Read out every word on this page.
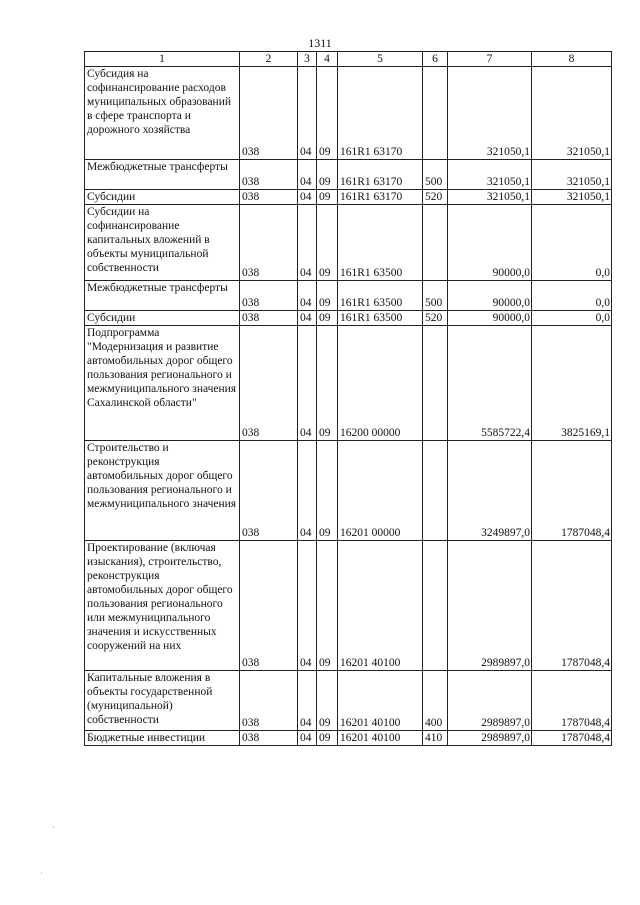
1311
1	2	3	4	5	6	7	8
Субсидия на софинансирование расходов муниципальных образований в сфере транспорта и дорожного хозяйства	038	04	09	161R1 63170		321050,1	321050,1
Межбюджетные трансферты	038	04	09	161R1 63170	500	321050,1	321050,1
Субсидии	038	04	09	161R1 63170	520	321050,1	321050,1
Субсидии на софинансирование капитальных вложений в объекты муниципальной собственности	038	04	09	161R1 63500		90000,0	0,0
Межбюджетные трансферты	038	04	09	161R1 63500	500	90000,0	0,0
Субсидии	038	04	09	161R1 63500	520	90000,0	0,0
Подпрограмма "Модернизация и развитие автомобильных дорог общего пользования регионального и межмуниципального значения Сахалинской области"	038	04	09	16200 00000		5585722,4	3825169,1
Строительство и реконструкция автомобильных дорог общего пользования регионального и межмуниципального значения	038	04	09	16201 00000		3249897,0	1787048,4
Проектирование (включая изыскания), строительство, реконструкция автомобильных дорог общего пользования регионального или межмуниципального значения и искусственных сооружений на них	038	04	09	16201 40100		2989897,0	1787048,4
Капитальные вложения в объекты государственной (муниципальной) собственности	038	04	09	16201 40100	400	2989897,0	1787048,4
Бюджетные инвестиции	038	04	09	16201 40100	410	2989897,0	1787048,4
·
·
